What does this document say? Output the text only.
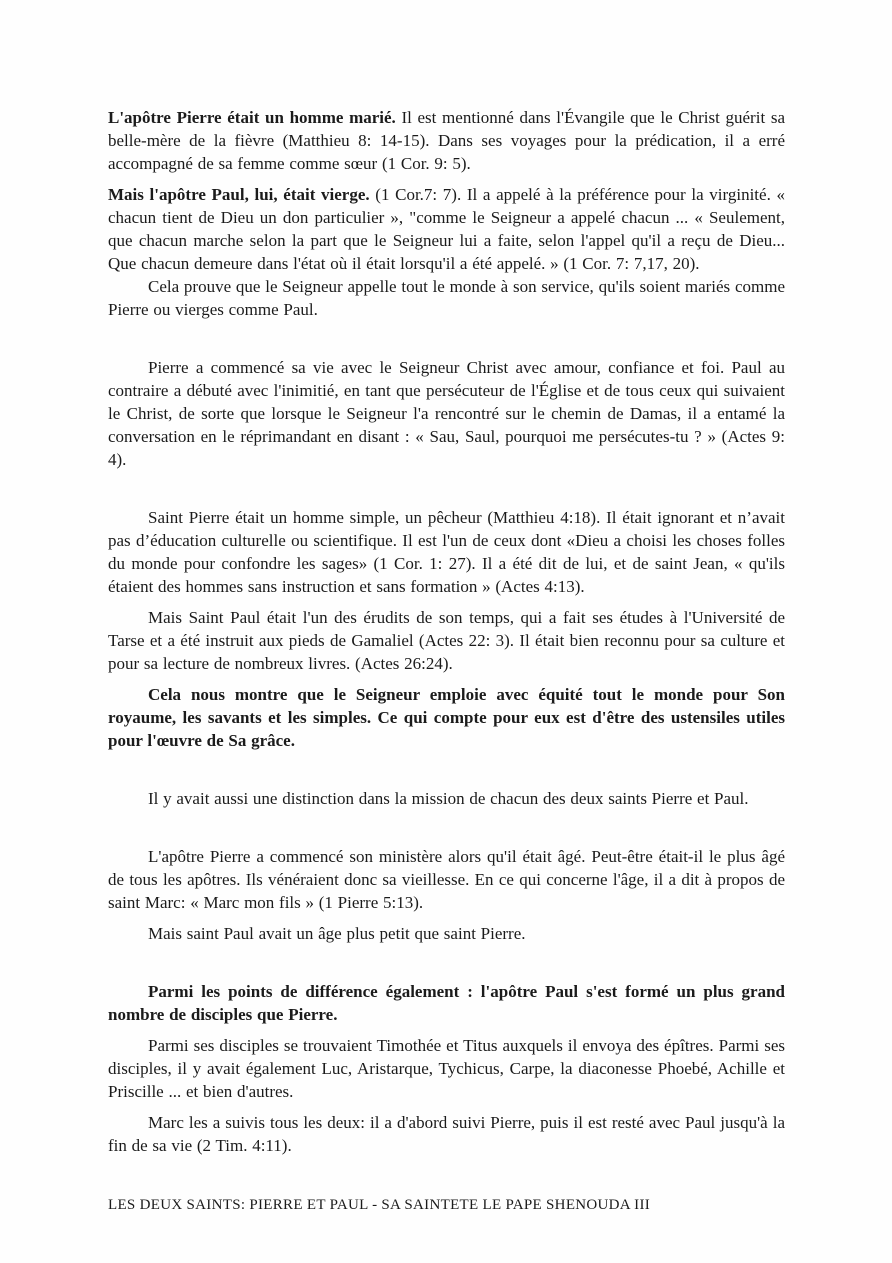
L'apôtre Pierre était un homme marié. Il est mentionné dans l'Évangile que le Christ guérit sa belle-mère de la fièvre (Matthieu 8: 14-15). Dans ses voyages pour la prédication, il a erré accompagné de sa femme comme sœur (1 Cor. 9: 5).

Mais l'apôtre Paul, lui, était vierge. (1 Cor.7: 7). Il a appelé à la préférence pour la virginité. « chacun tient de Dieu un don particulier », "comme le Seigneur a appelé chacun ... « Seulement, que chacun marche selon la part que le Seigneur lui a faite, selon l'appel qu'il a reçu de Dieu... Que chacun demeure dans l'état où il était lorsqu'il a été appelé. » (1 Cor. 7: 7,17, 20).

Cela prouve que le Seigneur appelle tout le monde à son service, qu'ils soient mariés comme Pierre ou vierges comme Paul.

Pierre a commencé sa vie avec le Seigneur Christ avec amour, confiance et foi. Paul au contraire a débuté avec l'inimitié, en tant que persécuteur de l'Église et de tous ceux qui suivaient le Christ, de sorte que lorsque le Seigneur l'a rencontré sur le chemin de Damas, il a entamé la conversation en le réprimandant en disant : « Sau, Saul, pourquoi me persécutes-tu ? » (Actes 9: 4).

Saint Pierre était un homme simple, un pêcheur (Matthieu 4:18). Il était ignorant et n’avait pas d’éducation culturelle ou scientifique. Il est l'un de ceux dont «Dieu a choisi les choses folles du monde pour confondre les sages» (1 Cor. 1: 27). Il a été dit de lui, et de saint Jean, « qu'ils étaient des hommes sans instruction et sans formation » (Actes 4:13).

Mais Saint Paul était l'un des érudits de son temps, qui a fait ses études à l'Université de Tarse et a été instruit aux pieds de Gamaliel (Actes 22: 3). Il était bien reconnu pour sa culture et pour sa lecture de nombreux livres. (Actes 26:24).

Cela nous montre que le Seigneur emploie avec équité tout le monde pour Son royaume, les savants et les simples. Ce qui compte pour eux est d'être des ustensiles utiles pour l'œuvre de Sa grâce.

Il y avait aussi une distinction dans la mission de chacun des deux saints Pierre et Paul.

L'apôtre Pierre a commencé son ministère alors qu'il était âgé. Peut-être était-il le plus âgé de tous les apôtres. Ils vénéraient donc sa vieillesse. En ce qui concerne l'âge, il a dit à propos de saint Marc: « Marc mon fils » (1 Pierre 5:13).

Mais saint Paul avait un âge plus petit que saint Pierre.

Parmi les points de différence également : l'apôtre Paul s'est formé un plus grand nombre de disciples que Pierre.

Parmi ses disciples se trouvaient Timothée et Titus auxquels il envoya des épîtres. Parmi ses disciples, il y avait également Luc, Aristarque, Tychicus, Carpe, la diaconesse Phoebé, Achille et Priscille ... et bien d'autres.

Marc les a suivis tous les deux: il a d'abord suivi Pierre, puis il est resté avec Paul jusqu'à la fin de sa vie (2 Tim. 4:11).

LES DEUX SAINTS: PIERRE ET PAUL - SA SAINTETE LE PAPE SHENOUDA III
